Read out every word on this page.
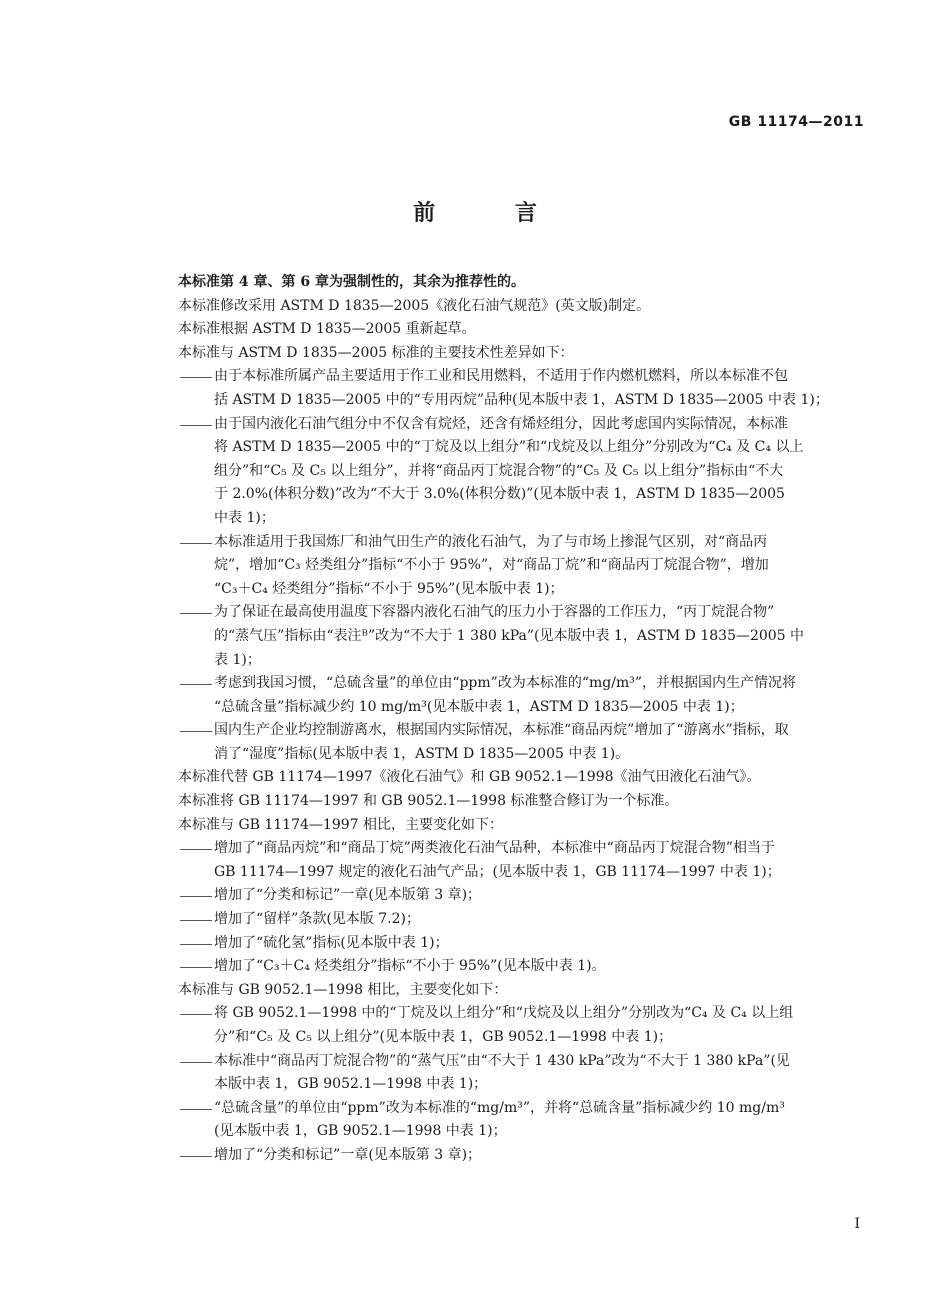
GB 11174—2011
前 言

本标准第 4 章、第 6 章为强制性的，其余为推荐性的。

本标准修改采用 ASTM D 1835—2005《液化石油气规范》(英文版)制定。

本标准根据 ASTM D 1835—2005 重新起草。

本标准与 ASTM D 1835—2005 标准的主要技术性差异如下：

由于本标准所属产品主要适用于作工业和民用燃料，不适用于作内燃机燃料，所以本标准不包
括 ASTM D 1835—2005 中的“专用丙烷”品种(见本版中表 1，ASTM D 1835—2005 中表 1)；
由于国内液化石油气组分中不仅含有烷烃，还含有烯烃组分，因此考虑国内实际情况，本标准
将 ASTM D 1835—2005 中的“丁烷及以上组分”和“戊烷及以上组分”分别改为“C₄ 及 C₄ 以上
组分”和“C₅ 及 C₅ 以上组分”，并将“商品丙丁烷混合物”的“C₅ 及 C₅ 以上组分”指标由“不大
于 2.0%(体积分数)”改为“不大于 3.0%(体积分数)”(见本版中表 1，ASTM D 1835—2005
中表 1)；
本标准适用于我国炼厂和油气田生产的液化石油气，为了与市场上掺混气区别，对“商品丙
烷”，增加“C₃ 烃类组分”指标“不小于 95%”，对“商品丁烷”和“商品丙丁烷混合物”，增加
“C₃＋C₄ 烃类组分”指标“不小于 95%”(见本版中表 1)；
为了保证在最高使用温度下容器内液化石油气的压力小于容器的工作压力，“丙丁烷混合物”
的“蒸气压”指标由“表注ᴮ”改为“不大于 1 380 kPa”(见本版中表 1，ASTM D 1835—2005 中
表 1)；
考虑到我国习惯，“总硫含量”的单位由“ppm”改为本标准的“mg/m³”，并根据国内生产情况将
“总硫含量”指标减少约 10 mg/m³(见本版中表 1，ASTM D 1835—2005 中表 1)；
国内生产企业均控制游离水，根据国内实际情况，本标准“商品丙烷”增加了“游离水”指标，取
消了“湿度”指标(见本版中表 1，ASTM D 1835—2005 中表 1)。

本标准代替 GB 11174—1997《液化石油气》和 GB 9052.1—1998《油气田液化石油气》。

本标准将 GB 11174—1997 和 GB 9052.1—1998 标准整合修订为一个标准。

本标准与 GB 11174—1997 相比，主要变化如下：

增加了“商品丙烷”和“商品丁烷”两类液化石油气品种，本标准中“商品丙丁烷混合物”相当于
GB 11174—1997 规定的液化石油气产品；(见本版中表 1，GB 11174—1997 中表 1)；
增加了“分类和标记”一章(见本版第 3 章)；
增加了“留样”条款(见本版 7.2)；
增加了“硫化氢”指标(见本版中表 1)；
增加了“C₃＋C₄ 烃类组分”指标“不小于 95%”(见本版中表 1)。

本标准与 GB 9052.1—1998 相比，主要变化如下：

将 GB 9052.1—1998 中的“丁烷及以上组分”和“戊烷及以上组分”分别改为“C₄ 及 C₄ 以上组
分”和“C₅ 及 C₅ 以上组分”(见本版中表 1，GB 9052.1—1998 中表 1)；
本标准中“商品丙丁烷混合物”的“蒸气压”由“不大于 1 430 kPa”改为“不大于 1 380 kPa”(见
本版中表 1，GB 9052.1—1998 中表 1)；
“总硫含量”的单位由“ppm”改为本标准的“mg/m³”，并将“总硫含量”指标减少约 10 mg/m³
(见本版中表 1，GB 9052.1—1998 中表 1)；
增加了“分类和标记”一章(见本版第 3 章)；
I
